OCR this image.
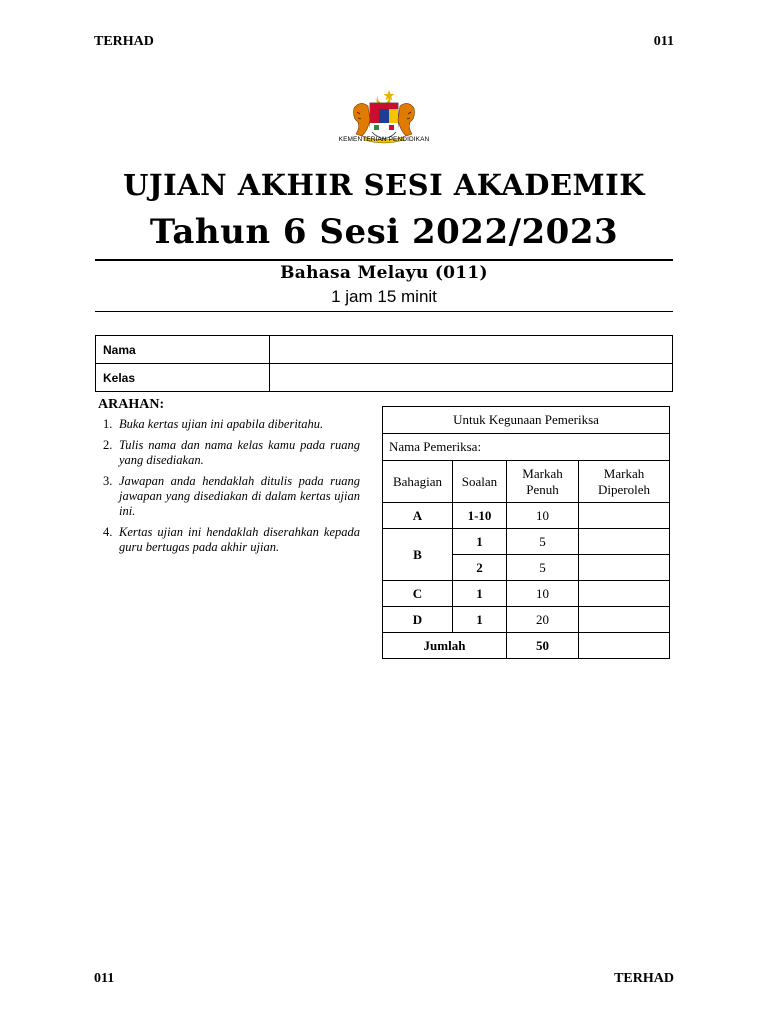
TERHAD	011
KEMENTERIAN PENDIDIKAN
UJIAN AKHIR SESI AKADEMIK
Tahun 6 Sesi 2022/2023
Bahasa Melayu (011)
1 jam 15 minit
Nama	
Kelas	
ARAHAN:
1. Buka kertas ujian ini apabila diberitahu.
2. Tulis nama dan nama kelas kamu pada ruang yang disediakan.
3. Jawapan anda hendaklah ditulis pada ruang jawapan yang disediakan di dalam kertas ujian ini.
4. Kertas ujian ini hendaklah diserahkan kepada guru bertugas pada akhir ujian.
Untuk Kegunaan Pemeriksa			
Nama Pemeriksa:			
Bahagian	Soalan	Markah Penuh	Markah Diperoleh
A	1-10	10	
B	1	5	
	2	5	
C	1	10	
D	1	20	
Jumlah		50	
011	TERHAD
